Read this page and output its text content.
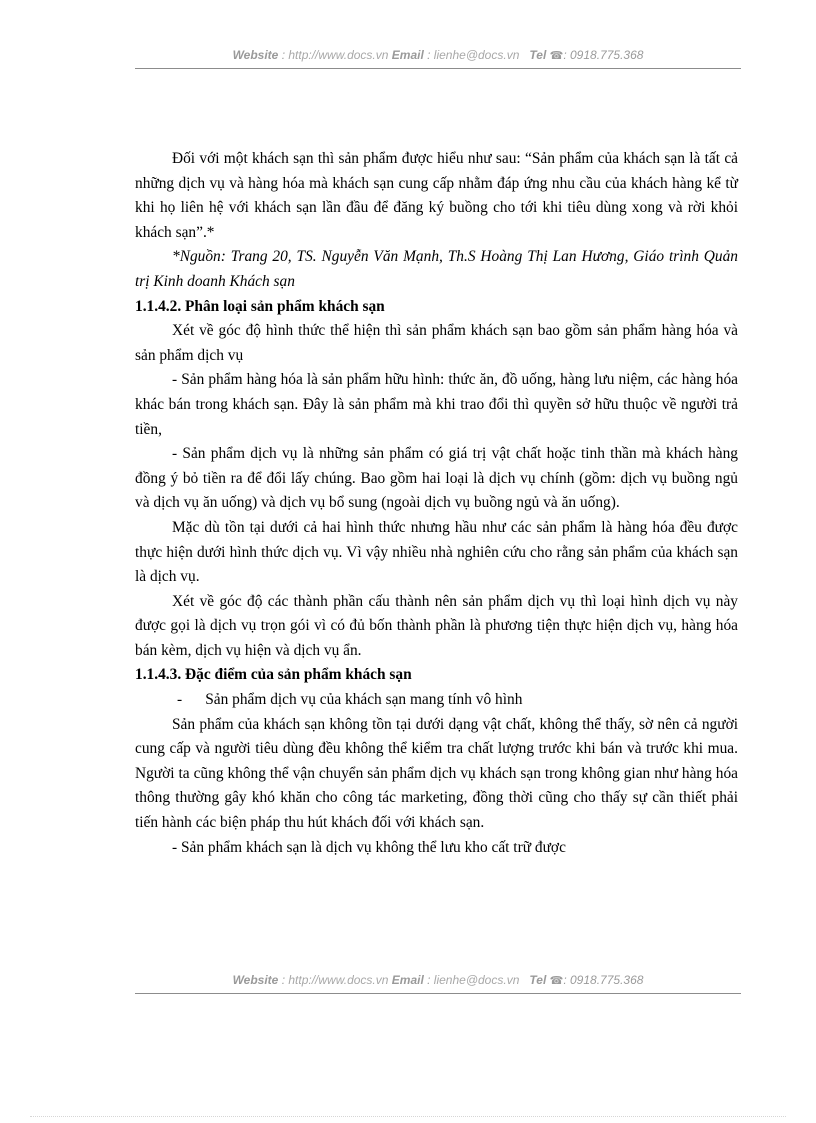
Website : http://www.docs.vn Email : lienhe@docs.vn Tel ☎: 0918.775.368

Đối với một khách sạn thì sản phẩm được hiểu như sau: “Sản phẩm của khách sạn là tất cả những dịch vụ và hàng hóa mà khách sạn cung cấp nhằm đáp ứng nhu cầu của khách hàng kể từ khi họ liên hệ với khách sạn lần đầu để đăng ký buồng cho tới khi tiêu dùng xong và rời khỏi khách sạn”.*

*Nguồn: Trang 20, TS. Nguyễn Văn Mạnh, Th.S Hoàng Thị Lan Hương, Giáo trình Quản trị Kinh doanh Khách sạn

1.1.4.2. Phân loại sản phẩm khách sạn

Xét về góc độ hình thức thể hiện thì sản phẩm khách sạn bao gồm sản phẩm hàng hóa và sản phẩm dịch vụ

- Sản phẩm hàng hóa là sản phẩm hữu hình: thức ăn, đồ uống, hàng lưu niệm, các hàng hóa khác bán trong khách sạn. Đây là sản phẩm mà khi trao đổi thì quyền sở hữu thuộc về người trả tiền,

- Sản phẩm dịch vụ là những sản phẩm có giá trị vật chất hoặc tinh thần mà khách hàng đồng ý bỏ tiền ra để đổi lấy chúng. Bao gồm hai loại là dịch vụ chính (gồm: dịch vụ buồng ngủ và dịch vụ ăn uống) và dịch vụ bổ sung (ngoài dịch vụ buồng ngủ và ăn uống).

Mặc dù tồn tại dưới cả hai hình thức nhưng hầu như các sản phẩm là hàng hóa đều được thực hiện dưới hình thức dịch vụ. Vì vậy nhiều nhà nghiên cứu cho rằng sản phẩm của khách sạn là dịch vụ.

Xét về góc độ các thành phần cấu thành nên sản phẩm dịch vụ thì loại hình dịch vụ này được gọi là dịch vụ trọn gói vì có đủ bốn thành phần là phương tiện thực hiện dịch vụ, hàng hóa bán kèm, dịch vụ hiện và dịch vụ ẩn.

1.1.4.3. Đặc điểm của sản phẩm khách sạn

- Sản phẩm dịch vụ của khách sạn mang tính vô hình

Sản phẩm của khách sạn không tồn tại dưới dạng vật chất, không thể thấy, sờ nên cả người cung cấp và người tiêu dùng đều không thể kiểm tra chất lượng trước khi bán và trước khi mua. Người ta cũng không thể vận chuyển sản phẩm dịch vụ khách sạn trong không gian như hàng hóa thông thường gây khó khăn cho công tác marketing, đồng thời cũng cho thấy sự cần thiết phải tiến hành các biện pháp thu hút khách đối với khách sạn.

- Sản phẩm khách sạn là dịch vụ không thể lưu kho cất trữ được

Website : http://www.docs.vn Email : lienhe@docs.vn Tel ☎: 0918.775.368
